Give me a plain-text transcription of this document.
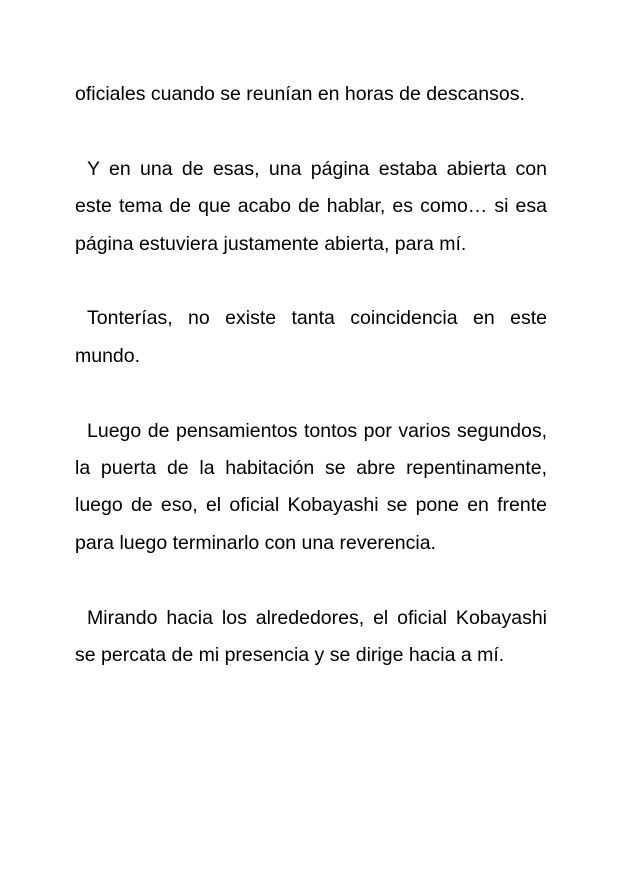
oficiales cuando se reunían en horas de descansos.

Y en una de esas, una página estaba abierta con este tema de que acabo de hablar, es como… si esa página estuviera justamente abierta, para mí.

Tonterías, no existe tanta coincidencia en este mundo.

Luego de pensamientos tontos por varios segundos, la puerta de la habitación se abre repentinamente, luego de eso, el oficial Kobayashi se pone en frente para luego terminarlo con una reverencia.

Mirando hacia los alrededores, el oficial Kobayashi se percata de mi presencia y se dirige hacia a mí.
